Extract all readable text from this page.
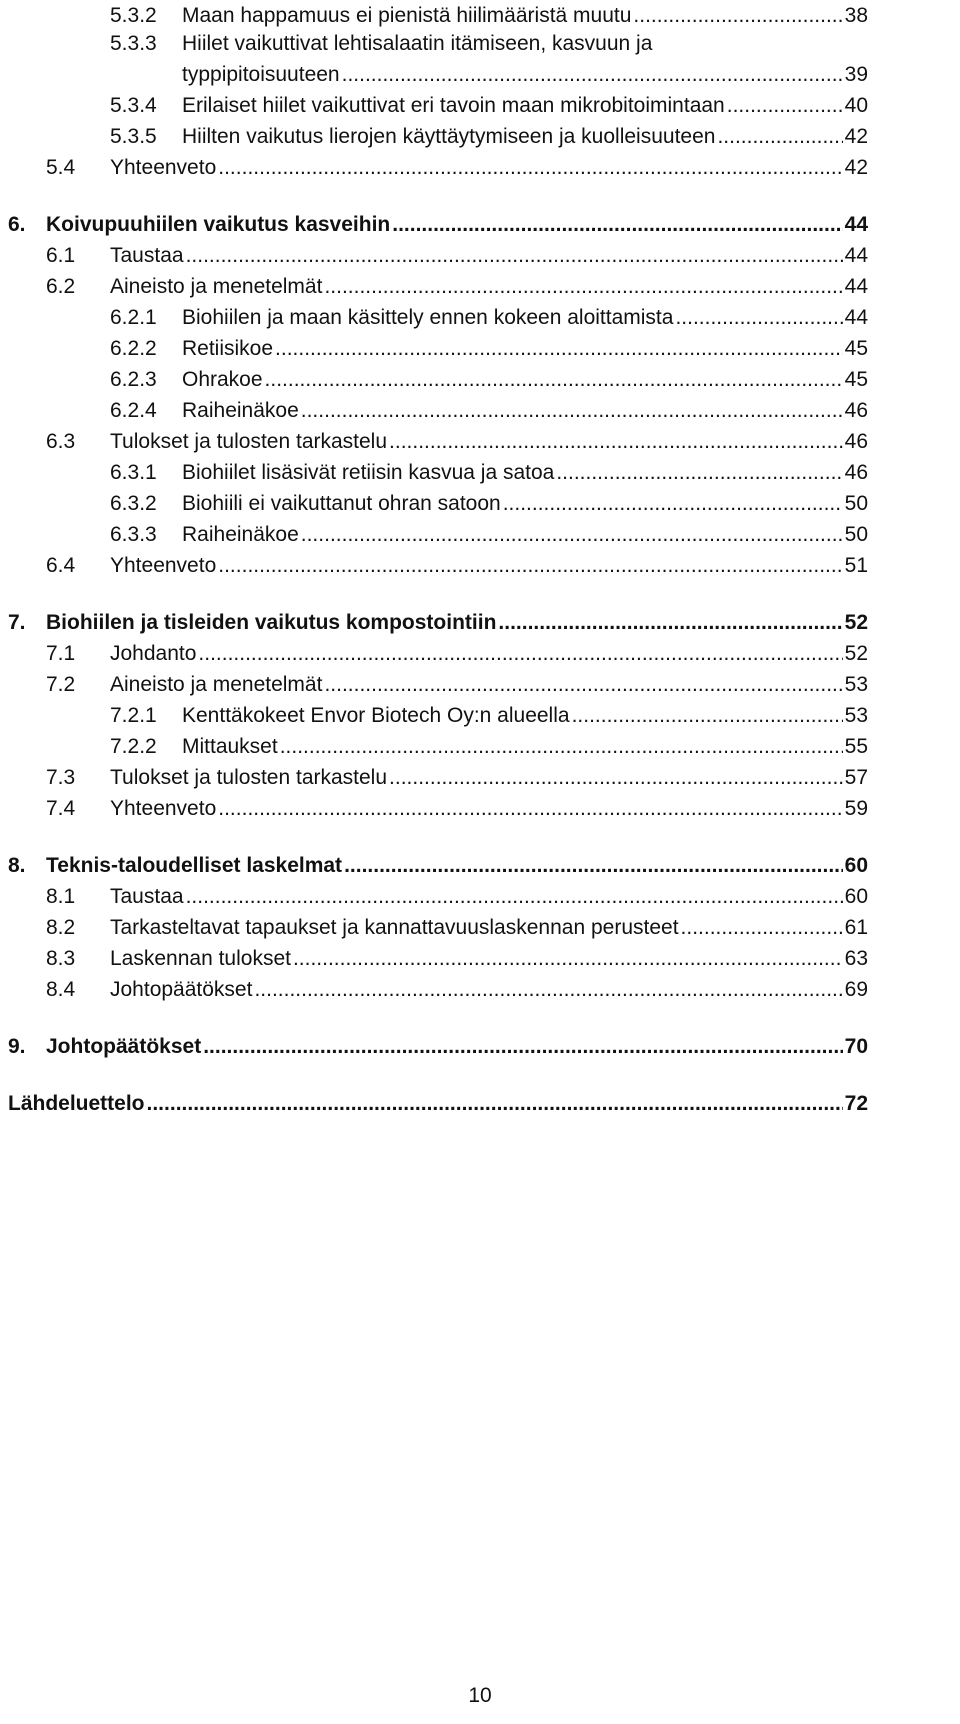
5.3.2	Maan happamuus ei pienistä hiilimääristä muutu .....	38
5.3.3	Hiilet vaikuttivat lehtisalaatin itämiseen, kasvuun ja
typpipitoisuuteen .....	39
5.3.4	Erilaiset hiilet vaikuttivat eri tavoin maan mikrobitoimintaan .....	40
5.3.5	Hiilten vaikutus lierojen käyttäytymiseen ja kuolleisuuteen .....	42
5.4	Yhteenveto .....	42
6. Koivupuuhiilen vaikutus kasveihin .....	44
6.1	Taustaa .....	44
6.2	Aineisto ja menetelmät .....	44
6.2.1	Biohiilen ja maan käsittely ennen kokeen aloittamista .....	44
6.2.2	Retiisikoe .....	45
6.2.3	Ohrakoe .....	45
6.2.4	Raiheinäkoe .....	46
6.3	Tulokset ja tulosten tarkastelu .....	46
6.3.1	Biohiilet lisäsivät retiisin kasvua ja satoa .....	46
6.3.2	Biohiili ei vaikuttanut ohran satoon .....	50
6.3.3	Raiheinäkoe .....	50
6.4	Yhteenveto .....	51
7. Biohiilen ja tisleiden vaikutus kompostointiin .....	52
7.1	Johdanto .....	52
7.2	Aineisto ja menetelmät .....	53
7.2.1	Kenttäkokeet Envor Biotech Oy:n alueella .....	53
7.2.2	Mittaukset .....	55
7.3	Tulokset ja tulosten tarkastelu .....	57
7.4	Yhteenveto .....	59
8. Teknis-taloudelliset laskelmat .....	60
8.1	Taustaa .....	60
8.2	Tarkasteltavat tapaukset ja kannattavuuslaskennan perusteet .....	61
8.3	Laskennan tulokset .....	63
8.4	Johtopäätökset .....	69
9. Johtopäätökset .....	70
Lähdeluettelo .....	72
10
